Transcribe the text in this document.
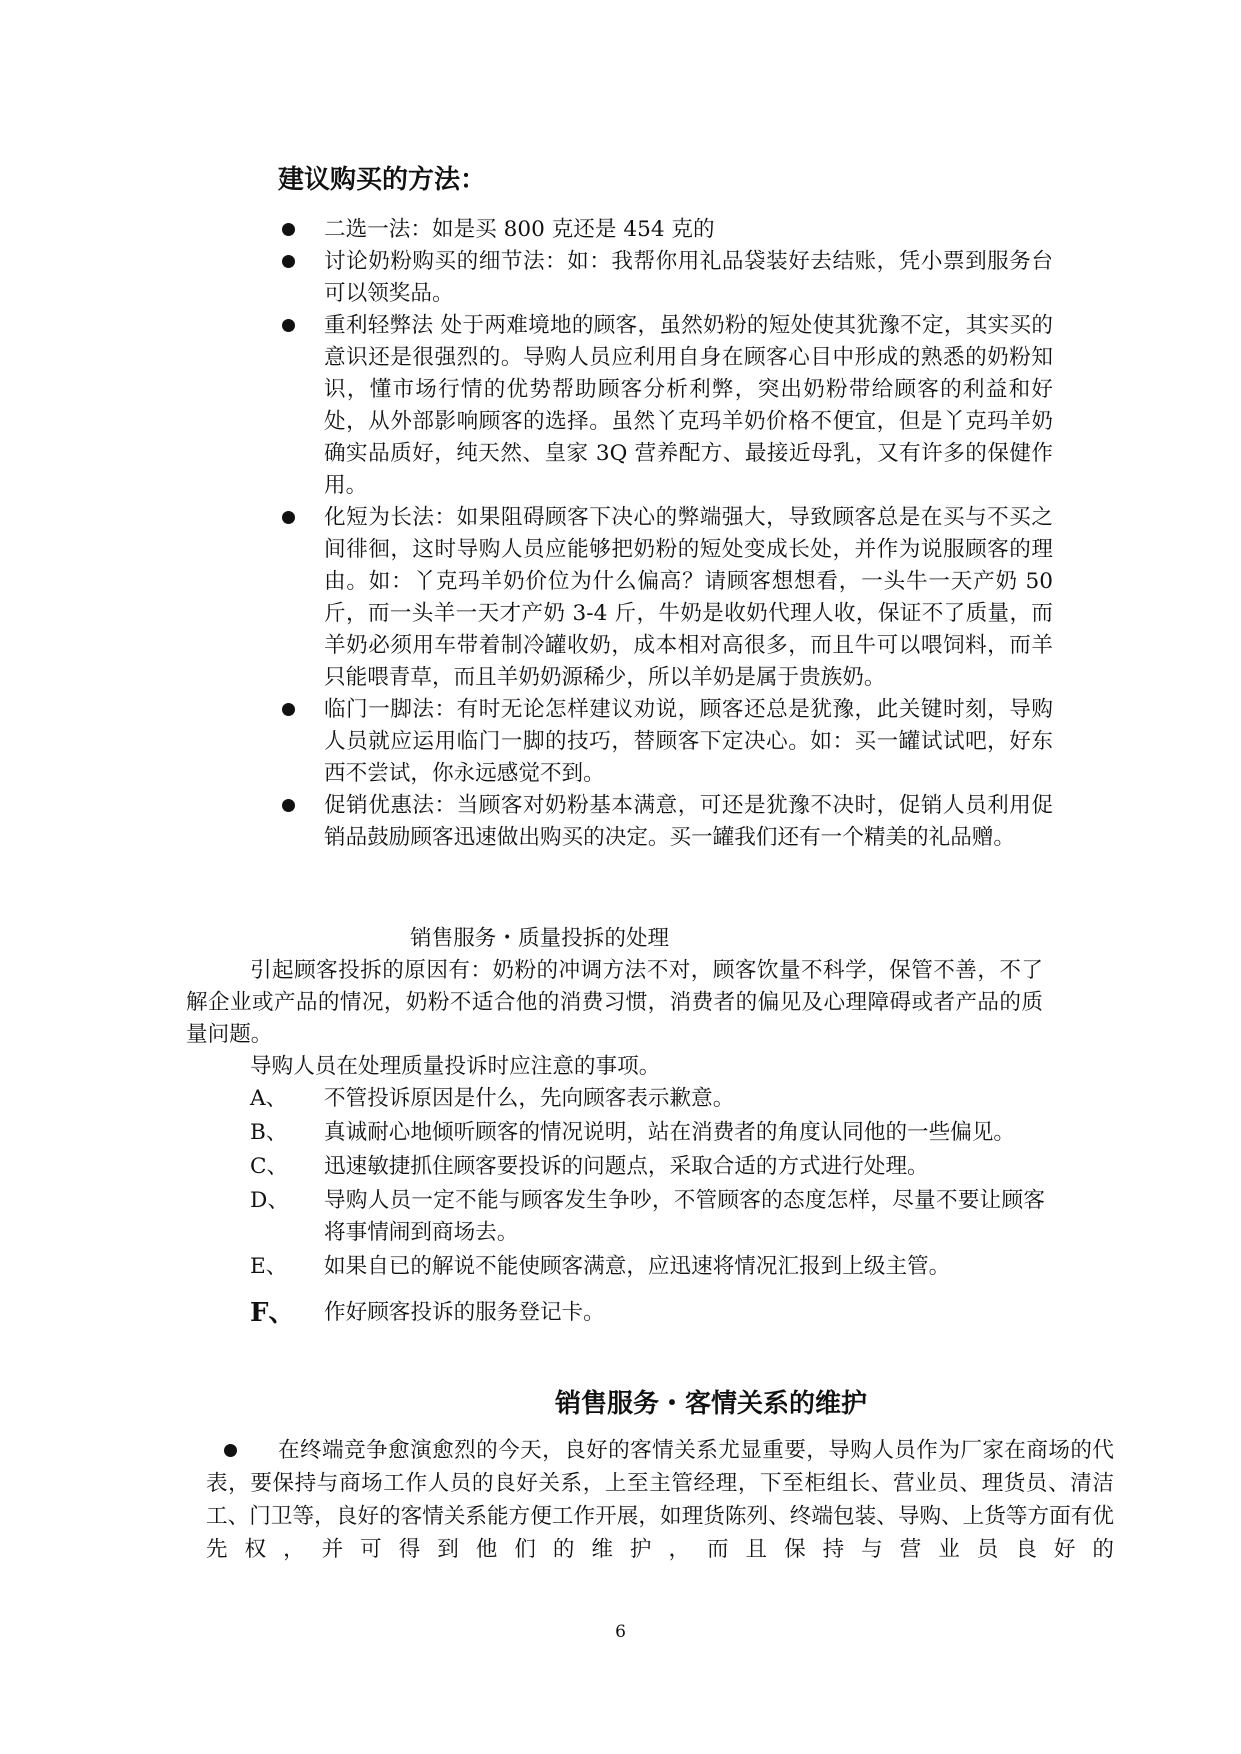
建议购买的方法：
二选一法：如是买 800 克还是 454 克的
讨论奶粉购买的细节法：如：我帮你用礼品袋装好去结账，凭小票到服务台可以领奖品。
重利轻弊法 处于两难境地的顾客，虽然奶粉的短处使其犹豫不定，其实买的意识还是很强烈的。导购人员应利用自身在顾客心目中形成的熟悉的奶粉知识，懂市场行情的优势帮助顾客分析利弊，突出奶粉带给顾客的利益和好处，从外部影响顾客的选择。虽然丫克玛羊奶价格不便宜，但是丫克玛羊奶确实品质好，纯天然、皇家 3Q 营养配方、最接近母乳，又有许多的保健作用。
化短为长法：如果阻碍顾客下决心的弊端强大，导致顾客总是在买与不买之间徘徊，这时导购人员应能够把奶粉的短处变成长处，并作为说服顾客的理由。如：丫克玛羊奶价位为什么偏高？请顾客想想看，一头牛一天产奶 50 斤，而一头羊一天才产奶 3-4 斤，牛奶是收奶代理人收，保证不了质量，而羊奶必须用车带着制冷罐收奶，成本相对高很多，而且牛可以喂饲料，而羊只能喂青草，而且羊奶奶源稀少，所以羊奶是属于贵族奶。
临门一脚法：有时无论怎样建议劝说，顾客还总是犹豫，此关键时刻，导购人员就应运用临门一脚的技巧，替顾客下定决心。如：买一罐试试吧，好东西不尝试，你永远感觉不到。
促销优惠法：当顾客对奶粉基本满意，可还是犹豫不决时，促销人员利用促销品鼓励顾客迅速做出购买的决定。买一罐我们还有一个精美的礼品赠。
销售服务・质量投拆的处理
引起顾客投拆的原因有：奶粉的冲调方法不对，顾客饮量不科学，保管不善，不了解企业或产品的情况，奶粉不适合他的消费习惯，消费者的偏见及心理障碍或者产品的质量问题。
导购人员在处理质量投诉时应注意的事项。
A、 不管投诉原因是什么，先向顾客表示歉意。
B、 真诚耐心地倾听顾客的情况说明，站在消费者的角度认同他的一些偏见。
C、 迅速敏捷抓住顾客要投诉的问题点，采取合适的方式进行处理。
D、 导购人员一定不能与顾客发生争吵，不管顾客的态度怎样，尽量不要让顾客将事情闹到商场去。
E、 如果自已的解说不能使顾客满意，应迅速将情况汇报到上级主管。
F、 作好顾客投诉的服务登记卡。
销售服务・客情关系的维护
在终端竞争愈演愈烈的今天，良好的客情关系尤显重要，导购人员作为厂家在商场的代表，要保持与商场工作人员的良好关系，上至主管经理，下至柜组长、营业员、理货员、清洁工、门卫等，良好的客情关系能方便工作开展，如理货陈列、终端包装、导购、上货等方面有优先权，并可得到他们的维护，而且保持与营业员良好的
6
